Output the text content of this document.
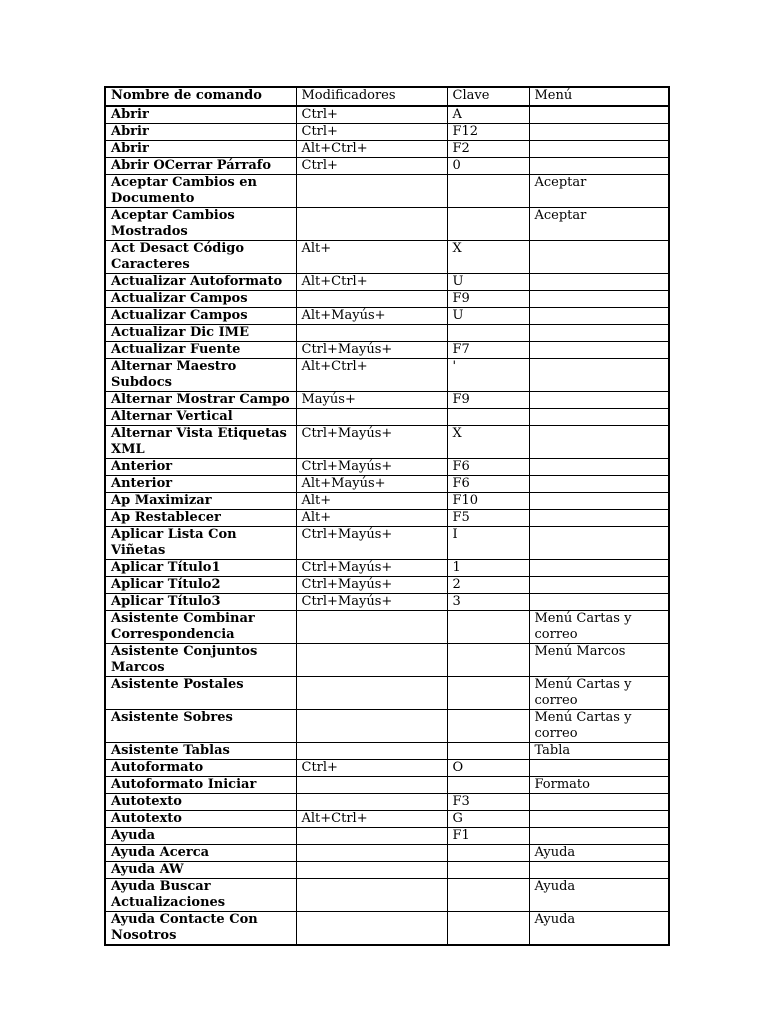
Nombre de comando	Modificadores	Clave	Menú
Abrir	Ctrl+	A	
Abrir	Ctrl+	F12	
Abrir	Alt+Ctrl+	F2	
Abrir OCerrar Párrafo	Ctrl+	0	
Aceptar Cambios en Documento			Aceptar
Aceptar Cambios Mostrados			Aceptar
Act Desact Código Caracteres	Alt+	X	
Actualizar Autoformato	Alt+Ctrl+	U	
Actualizar Campos		F9	
Actualizar Campos	Alt+Mayús+	U	
Actualizar Dic IME			
Actualizar Fuente	Ctrl+Mayús+	F7	
Alternar Maestro Subdocs	Alt+Ctrl+	'	
Alternar Mostrar Campo	Mayús+	F9	
Alternar Vertical			
Alternar Vista Etiquetas XML	Ctrl+Mayús+	X	
Anterior	Ctrl+Mayús+	F6	
Anterior	Alt+Mayús+	F6	
Ap Maximizar	Alt+	F10	
Ap Restablecer	Alt+	F5	
Aplicar Lista Con Viñetas	Ctrl+Mayús+	I	
Aplicar Título1	Ctrl+Mayús+	1	
Aplicar Título2	Ctrl+Mayús+	2	
Aplicar Título3	Ctrl+Mayús+	3	
Asistente Combinar Correspondencia			Menú Cartas y correo
Asistente Conjuntos Marcos			Menú Marcos
Asistente Postales			Menú Cartas y correo
Asistente Sobres			Menú Cartas y correo
Asistente Tablas			Tabla
Autoformato	Ctrl+	O	
Autoformato Iniciar			Formato
Autotexto		F3	
Autotexto	Alt+Ctrl+	G	
Ayuda		F1	
Ayuda Acerca			Ayuda
Ayuda AW			
Ayuda Buscar Actualizaciones			Ayuda
Ayuda Contacte Con Nosotros			Ayuda
